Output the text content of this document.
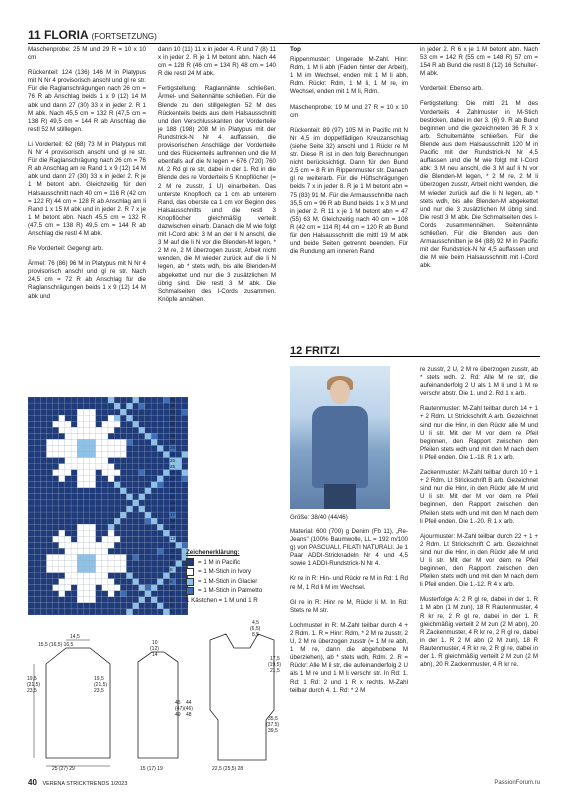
11 FLORIA (FORTSETZUNG)

Maschenprobe: 25 M und 29 R = 10 x 10 cm

Rückenteil: 124 (136) 146 M in Platypus mit N Nr 4 provisorisch anschl und gl re str. Für die Raglanschrägungen nach 26 cm = 76 R ab Anschlag beids 1 x 9 (12) 14 M abk und dann 27 (30) 33 x in jeder 2. R 1 M abk. Nach 45,5 cm = 132 R (47,5 cm = 138 R) 49,5 cm = 144 R ab Anschlag die restl 52 M stilllegen.

Li Vorderteil: 62 (68) 73 M in Platypus mit N Nr 4 provisorisch anschl und gl re str. Für die Raglanschrägung nach 26 cm = 76 R ab Anschlag am re Rand 1 x 9 (12) 14 M abk und dann 27 (30) 33 x in jeder 2. R je 1 M betont abn. Gleichzeitig für den Halsausschnitt nach 40 cm = 116 R (42 cm = 122 R) 44 cm = 128 R ab Anschlag am li Rand 1 x 15 M abk und in jeder 2. R 7 x je 1 M betont abn. Nach 45,5 cm = 132 R (47,5 cm = 138 R) 49,5 cm = 144 R ab Anschlag die restl 4 M abk.

Re Vorderteil: Gegengl arb.

Ärmel: 76 (86) 96 M in Platypus mit N Nr 4 provisorisch anschl und gl re str. Nach 24,5 cm = 72 R ab Anschlag für die Raglanschrägungen beids 1 x 9 (12) 14 M abk und

dann 10 (11) 11 x in jeder 4. R und 7 (8) 11 x in jeder 2. R je 1 M betont abn. Nach 44 cm = 128 R (46 cm = 134 R) 48 cm = 140 R die restl 24 M abk.

Fertigstellung: Raglannähte schließen. Ärmel- und Seitennähte schließen. Für die Blende zu den stillgelegten 52 M des Rückenteils beids aus dem Halsausschnitt und den Verschlusskanten der Vorderteile je 188 (198) 208 M in Platypus mit der Rundstrick-N Nr 4 auffassen, die provisorischen Anschläge der Vorderteile und des Rückenteils auftrennen und die M ebenfalls auf die N legen = 676 (720) 760 M. 2 Rd gl re str, dabei in der 1. Rd in die Blende des re Vorderteils 5 Knopflöcher (= 2 M re zusstr, 1 U) einarbeiten. Das unterste Knopfloch ca 1 cm ab unterem Rand, das oberste ca 1 cm vor Beginn des Halsausschnitts und die restl 3 Knopflöcher gleichmäßig verteilt dazwischen einarb. Danach die M wie folgt mit I-Cord abk: 3 M an der li N anschl, die 3 M auf die li N vor die Blenden-M legen, * 2 M re, 2 M überzogen zusstr, Arbeit nicht wenden, die M wieder zurück auf die li N legen, ab * stets wdh, bis alle Blenden-M abgekettet und nur die 3 zusätzlichen M übrig sind. Die restl 3 M abk. Die Schmalseiten des I-Cords zusammen. Knöpfe annähen.

Top

Rippenmuster: Ungerade M-Zahl. Hinr: Rdm, 1 M li abh (Faden hinter der Arbeit), 1 M im Wechsel, enden mit 1 M li abh, Rdm. Rückr: Rdm, 1 M li, 1 M re, im Wechsel, enden mit 1 M li, Rdm.

Maschenprobe: 19 M und 27 R = 10 x 10 cm

Rückenteil: 89 (97) 105 M in Pacific mit N Nr 4,5 im doppelfädigen Kreuzanschlag (siehe Seite 32) anschl und 1 Rückr re M str. Diese R ist in den folg Berechnungen nicht berücksichtigt. Dann für den Bund 2,5 cm = 8 R im Rippenmuster str. Danach gl re weiterarb. Für die Hüftschrägungen beids 7 x in jeder 8. R je 1 M betont abn = 75 (83) 91 M. Für die Armausschnitte nach 35,5 cm = 96 R ab Bund beids 1 x 3 M und in jeder 2. R 11 x je 1 M betont abn = 47 (55) 63 M. Gleichzeitig nach 40 cm = 108 R (42 cm = 114 R) 44 cm = 120 R ab Bund für den Halsausschnitt die mittl 19 M abk und beide Seiten getrennt beenden. Für die Rundung am inneren Rand

in jeder 2. R 6 x je 1 M betont abn. Nach 53 cm = 142 R (55 cm = 148 R) 57 cm = 154 R ab Bund die restl 8 (12) 16 Schulter-M abk.

Vorderteil: Ebenso arb.

Fertigstellung: Die mittl 21 M des Vorderteils 4 Zahlmuster in M-Stich besticken, dabei in der 3. (6) 9. R ab Bund beginnen und die gezeichneten 36 R 3 x arb. Schultemähte schließen. Für die Blende aus dem Halsausschnitt 120 M in Pacific mit der Rundstrick-N Nr 4,5 auffassen und die M wie folgt mit I-Cord abk: 3 M neu anschl, die 3 M auf li N vor die Blenden-M legen, * 2 M re, 2 M li überzogen zusstr, Arbeit nicht wenden, die M wieder zurück auf die li N legen, ab * stets wdh, bis alle Blenden-M abgekettet und nur die 3 zusätzlichen M übrig sind. Die restl 3 M abk. Die Schmalseiten des I-Cords zusammennähen. Seitennähte schließen. Für die Blenden aus den Armausschnitten je 84 (88) 92 M in Pacific mit der Rundstrick-N Nr 4,5 auffassen und die M wie beim Halsausschnitt mit I-Cord abk.

36
35
34
33
32
31
30
29
28
27
26
25
24
23
22
21
20
19
18
17
16
15
14
13
12
11
10
9
8
7
6
5
4
3
2
1
Zeichenerklärung:
= 1 M in Pacific
= 1 M-Stich in Ivory
= 1 M-Stich in Glacier
= 1 M-Stich in Palmetto
1 Kästchen = 1 M und 1 R
14,5
15,5 (16,5) 16,5
19,5
(21,5)
23,5
19,5
(21,5)
23,5
25 (27) 29
10
(12)
14
45
(47)
49
15 (17) 19
4,5
(6,5)
8,5
17,5
(19,5)
21,5
44
(46)
48
35,5
(37,5)
39,5
22,5 (25,5) 28
12 FRITZI
Größe: 38/40 (44/46)

Material: 600 (700) g Denim (Fb 11), „Re-Jeans" (100% Baumwolle, LL = 192 m/100 g) von PASCUALI. FILATI NATURALI. Je 1 Paar ADDI-Stricknadeln Nr 4 und 4,5 sowie 1 ADDI-Rundstrick-N Nr 4.

Kr re in R: Hin- und Rückr re M in Rd: 1 Rd re M, 1 Rd li M im Wechsel.

Gl re in R: Hinr re M, Rückr li M. In Rd: Stets re M str.

Lochmuster in R: M-Zahl teilbar durch 4 + 2 Rdm. 1. R = Hinr: Rdm, * 2 M re zusstr, 2 U, 2 M re überzogen zusstr (= 1 M re abh, 1 M re, dann die abgehobene M überziehen), ab * stets wdh, Rdm. 2. R = Rückr: Alle M li str, die aufeinanderfolg 2 U als 1 M re und 1 M li verschr str. In Rd: 1. Rd: 1 Rd: 2 und 1 R x rechts. M-Zahl teilbar durch 4. 1. Rd: * 2 M

re zusstr, 2 U, 2 M re überzogen zusstr, ab * stets wdh. 2. Rd: Alle M re str, die aufeinanderfolg 2 U als 1 M li und 1 M re verschr abstr. Die 1. und 2. Rd 1 x arb.

Rautenmuster: M-Zahl teilbar durch 14 + 1 + 2 Rdm. Lt Strickschrift A arb. Gezeichnet sind nur die Hinr, in den Rückr alle M und U li str. Mit der M vor dem re Pfeil beginnen, den Rapport zwischen den Pfeilen stets wdh und mit den M nach dem li Pfeil enden. Die 1.-18. R 1 x arb.

Zackenmuster: M-Zahl teilbar durch 10 + 1 + 2 Rdm. Lt Strickschrift B arb. Gezeichnet sind nur die Hinr, in den Rückr alle M und U li str. Mit der M vor dem re Pfeil beginnen, den Rapport zwischen den Pfeilen stets wdh und mit den M nach dem li Pfeil enden. Die 1.-20. R 1 x arb.

Ajourmuster: M-Zahl teilbar durch 22 + 1 + 2 Rdm. Lt Strickschrift C arb. Gezeichnet sind nur die Hinr, in den Rückr alle M und U li str. Mit der M vor dem re Pfeil beginnen, den Rapport zwischen den Pfeilen stets wdh und mit den M nach dem li Pfeil enden. Die 1.-12. R 4 x arb.

Musterfolge A: 2 R gl re, dabei in der 1. R 1 M abn (1 M zun), 18 R Rautenmuster, 4 R kr re, 2 R gl re, dabei in der 1. R gleichmäßig verteilt 2 M zun (2 M abn), 20 R Zackenmuster, 4 R kr re, 2 R gl re, dabei in der 1. R 2 M abn (2 M zun), 18 R Rautenmuster, 4 R kr re, 2 R gl re, dabei in der 1. R gleichmäßig verteilt 2 M zun (2 M abn), 20 R Zackenmuster, 4 R kr re.

40 VERENA STRICKTRENDS 1/2023	PassionForum.ru
